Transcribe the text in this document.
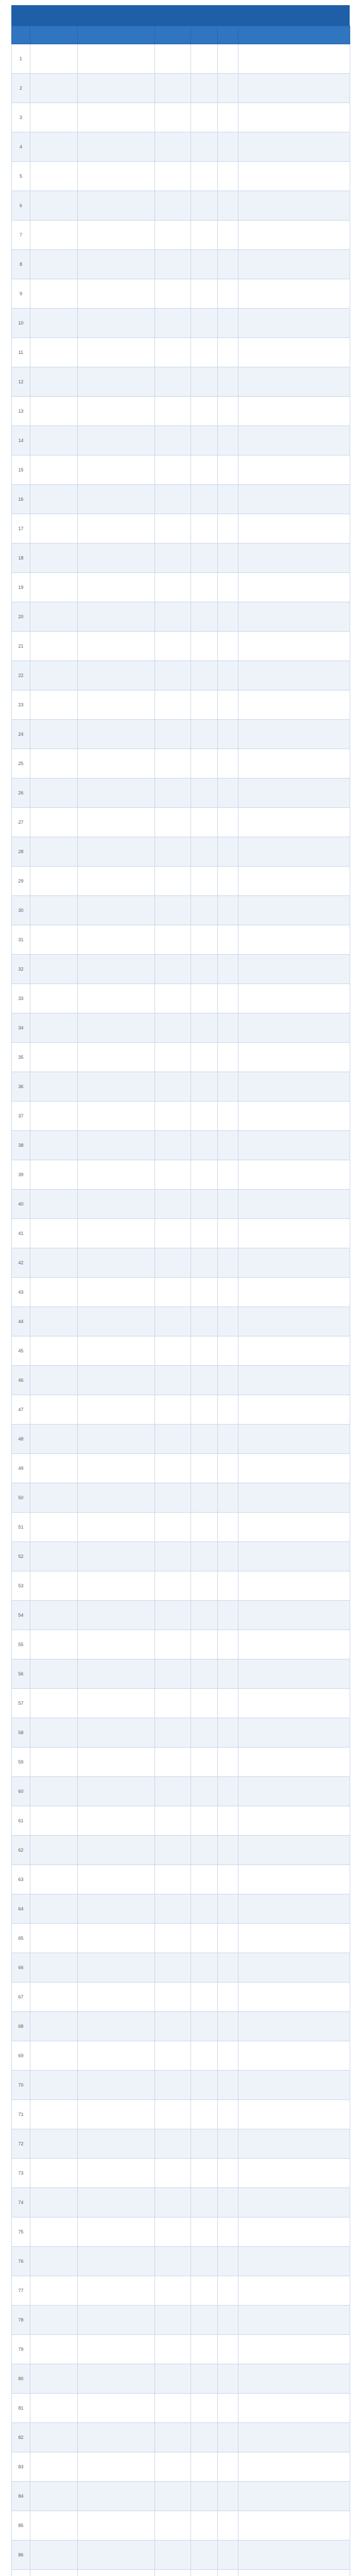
1						
2						
3						
4						
5						
6						
7						
8						
9						
10						
11						
12						
13						
14						
15						
16						
17						
18						
19						
20						
21						
22						
23						
24						
25						
26						
27						
28						
29						
30						
31						
32						
33						
34						
35						
36						
37						
38						
39						
40						
41						
42						
43						
44						
45						
46						
47						
48						
49						
50						
51						
52						
53						
54						
55						
56						
57						
58						
59						
60						
61						
62						
63						
64						
65						
66						
67						
68						
69						
70						
71						
72						
73						
74						
75						
76						
77						
78						
79						
80						
81						
82						
83						
84						
85						
86						
